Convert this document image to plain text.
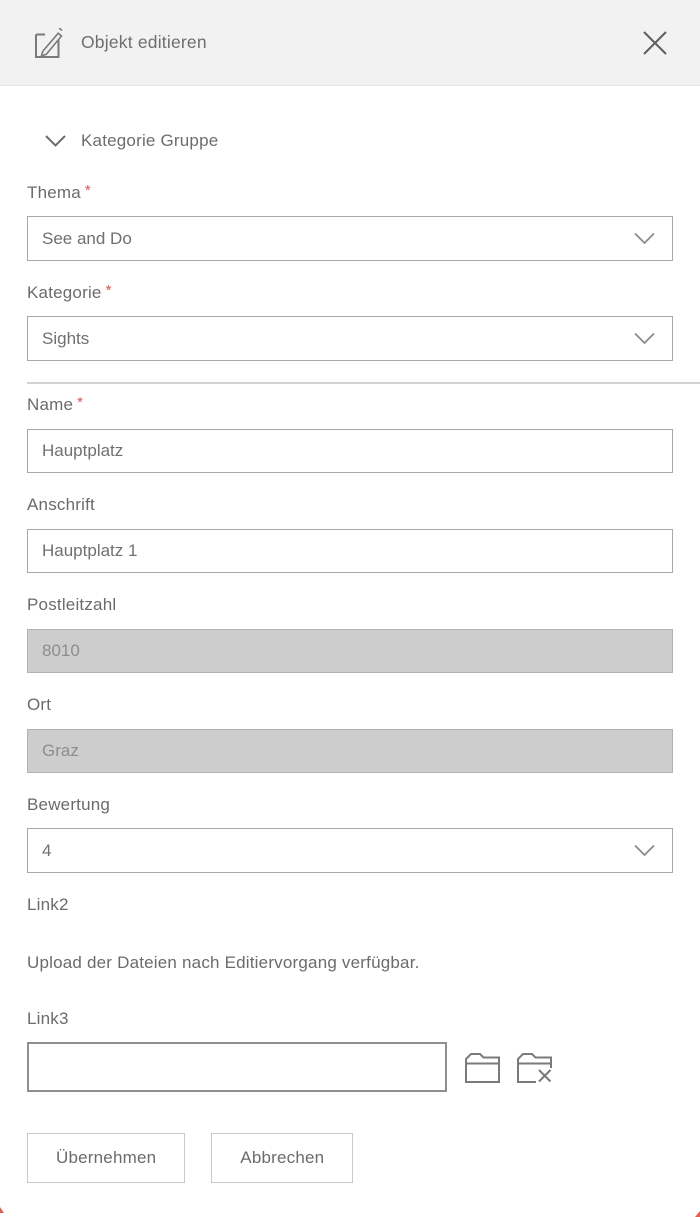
Objekt editieren
Kategorie Gruppe
Thema *
See and Do
Kategorie *
Sights
Name *
Hauptplatz
Anschrift
Hauptplatz 1
Postleitzahl
8010
Ort
Graz
Bewertung
4
Link2

Upload der Dateien nach Editiervorgang verfügbar.

Link3
Übernehmen	Abbrechen
